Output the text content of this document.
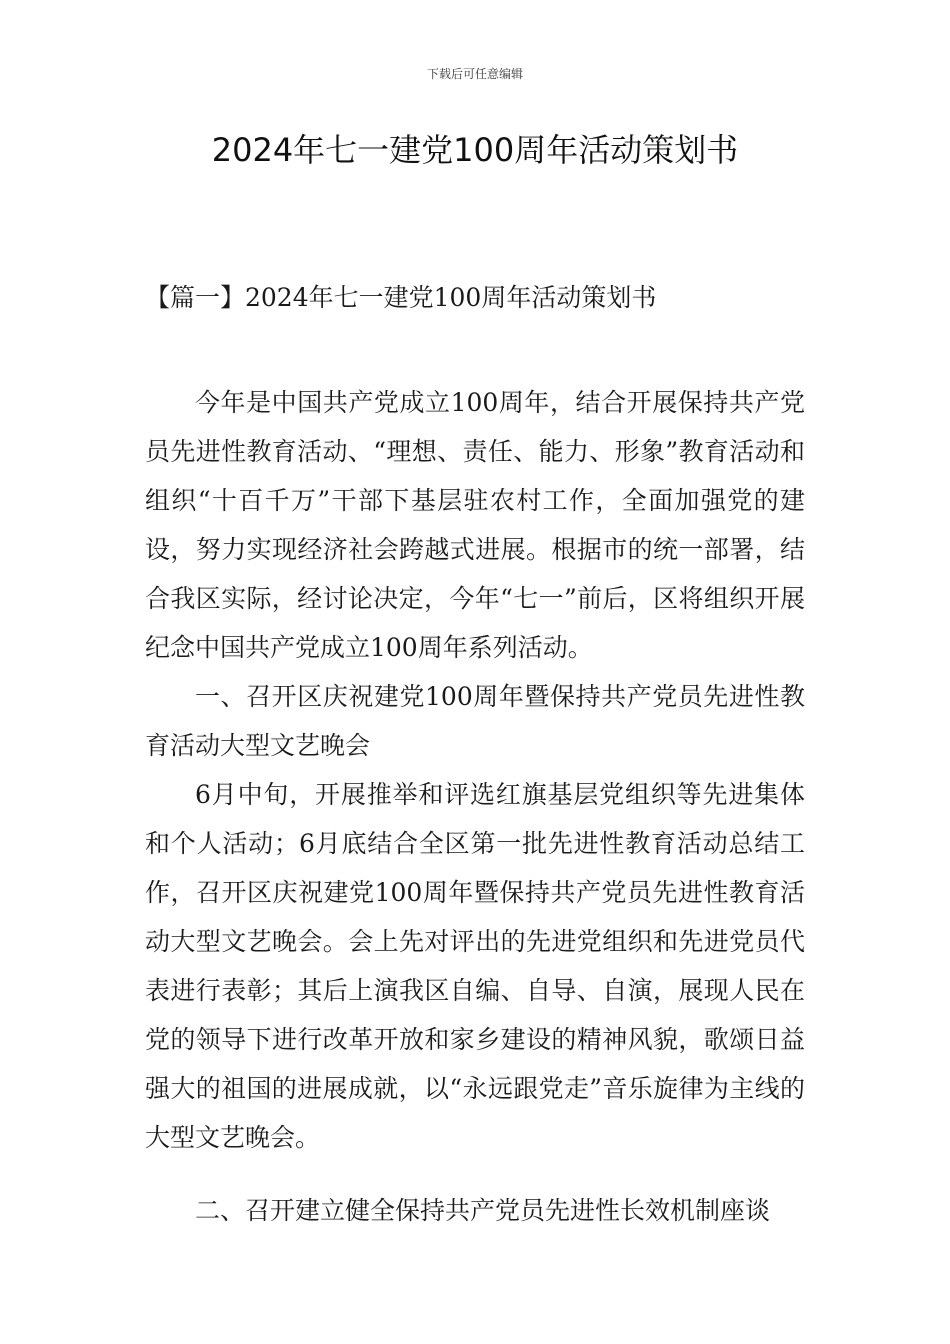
下载后可任意编辑
2024年七一建党100周年活动策划书
【篇一】2024年七一建党100周年活动策划书

今年是中国共产党成立100周年，结合开展保持共产党员先进性教育活动、“理想、责任、能力、形象”教育活动和组织“十百千万”干部下基层驻农村工作，全面加强党的建设，努力实现经济社会跨越式进展。根据市的统一部署，结合我区实际，经讨论决定，今年“七一”前后，区将组织开展纪念中国共产党成立100周年系列活动。

一、召开区庆祝建党100周年暨保持共产党员先进性教育活动大型文艺晚会

6月中旬，开展推举和评选红旗基层党组织等先进集体和个人活动；6月底结合全区第一批先进性教育活动总结工作，召开区庆祝建党100周年暨保持共产党员先进性教育活动大型文艺晚会。会上先对评出的先进党组织和先进党员代表进行表彰；其后上演我区自编、自导、自演，展现人民在党的领导下进行改革开放和家乡建设的精神风貌，歌颂日益强大的祖国的进展成就，以“永远跟党走”音乐旋律为主线的大型文艺晚会。

二、召开建立健全保持共产党员先进性长效机制座谈
